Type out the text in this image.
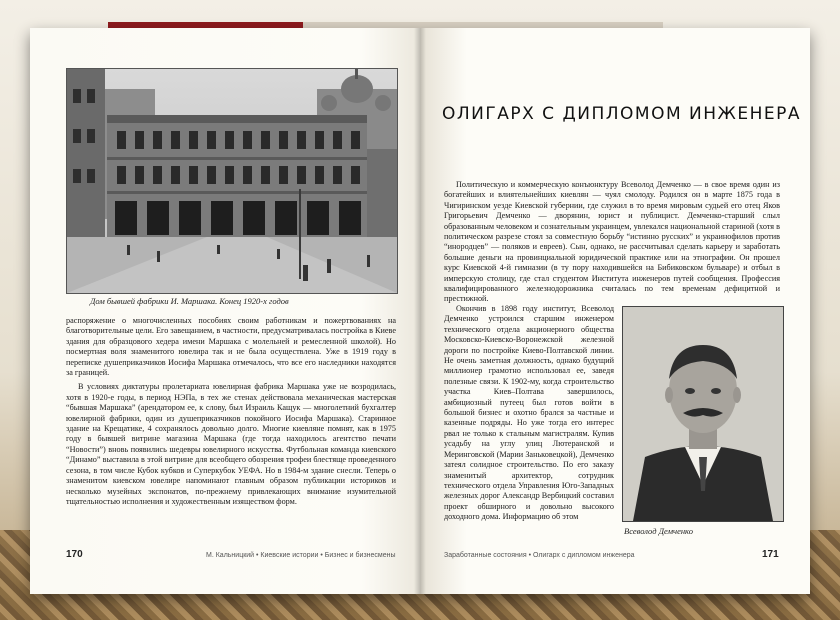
Дом бывшей фабрики И. Маршака. Конец 1920-х годов

распоряжение о многочисленных пособиях своим работникам и пожертвованиях на благотворительные цели. Его завещанием, в частности, предусматривалась постройка в Киеве здания для образцового хедера имени Маршака с молельней и ремесленной школой). Но посмертная воля знаменитого ювелира так и не была осуществлена. Уже в 1919 году в переписке душеприказчиков Иосифа Маршака отмечалось, что все его наследники находятся за границей.

В условиях диктатуры пролетариата ювелирная фабрика Маршака уже не возродилась, хотя в 1920-е годы, в период НЭПа, в тех же стенах действовала механическая мастерская “бывшая Маршака” (арендатором ее, к слову, был Израиль Кащук — многолетний бухгалтер ювелирной фабрики, один из душеприказчиков покойного Иосифа Маршака). Старинное здание на Крещатике, 4 сохранялось довольно долго. Многие киевляне помнят, как в 1975 году в бывшей витрине магазина Маршака (где тогда находилось агентство печати “Новости”) вновь появились шедевры ювелирного искусства. Футбольная команда киевского “Динамо” выставила в этой витрине для всеобщего обозрения трофеи блестяще проведенного сезона, в том числе Кубок кубков и Суперкубок УЕФА. Но в 1984-м здание снесли. Теперь о знаменитом киевском ювелире напоминают главным образом публикации историков и несколько музейных экспонатов, по-прежнему привлекающих внимание изумительной тщательностью исполнения и художественным изяществом форм.

170	М. Кальницкий • Киевские истории • Бизнес и бизнесмены
ОЛИГАРХ С ДИПЛОМОМ ИНЖЕНЕРА

Политическую и коммерческую конъюнктуру Всеволод Демченко — в свое время один из богатейших и влиятельнейших киевлян — чуял смолоду. Родился он в марте 1875 года в Чигиринском уезде Киевской губернии, где служил в то время мировым судьей его отец Яков Григорьевич Демченко — дворянин, юрист и публицист. Демченко-старший слыл образованным человеком и сознательным украинцем, увлекался национальной стариной (хотя в политическом разрезе стоял за совместную борьбу “истинно русских” и украинофилов против “инородцев” — поляков и евреев). Сын, однако, не рассчитывал сделать карьеру и заработать большие деньги на провинциальной юридической практике или на этнографии. Он прошел курс Киевской 4-й гимназии (в ту пору находившейся на Бибиковском бульваре) и отбыл в имперскую столицу, где стал студентом Института инженеров путей сообщения. Профессия квалифицированного железнодорожника считалась по тем временам дефицитной и престижной.

Окончив в 1898 году институт, Всеволод Демченко устроился старшим инженером технического отдела акционерного общества Московско-Киевско-Воронежской железной дороги по постройке Киево-Полтавской линии. Не очень заметная должность, однако будущий миллионер грамотно использовал ее, заведя полезные связи. К 1902-му, когда строительство участка Киев–Полтава завершилось, амбициозный путеец был готов войти в большой бизнес и охотно брался за частные и казенные подряды. Но уже тогда его интерес рвал не только к стальным магистралям. Купив усадьбу на углу улиц Лютеранской и Меринговской (Марии Заньковецкой), Демченко затеял солидное строительство. По его заказу знаменитый архитектор, сотрудник технического отдела Управления Юго-Западных железных дорог Александр Вербицкий составил проект обширного и довольно высокого доходного дома. Информацию об этом

Всеволод Демченко
Заработанные состояния • Олигарх с дипломом инженера	171
